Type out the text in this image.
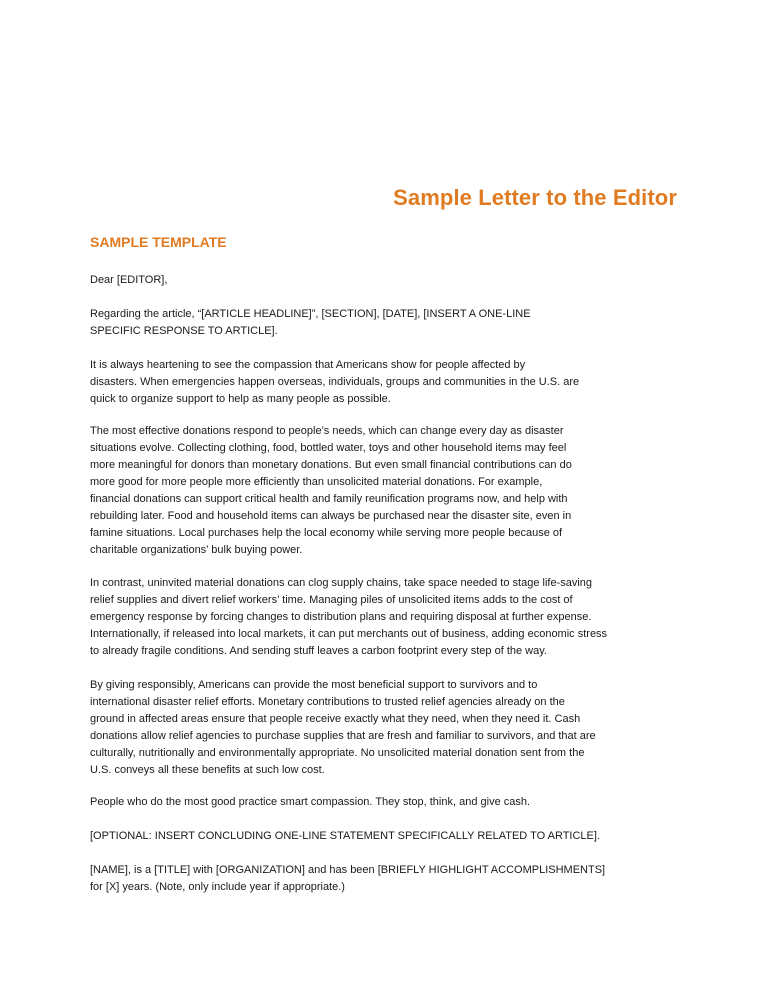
Sample Letter to the Editor
SAMPLE TEMPLATE
Dear [EDITOR],
Regarding the article, “[ARTICLE HEADLINE]”, [SECTION], [DATE], [INSERT A ONE-LINE
SPECIFIC RESPONSE TO ARTICLE].
It is always heartening to see the compassion that Americans show for people affected by
disasters. When emergencies happen overseas, individuals, groups and communities in the U.S. are
quick to organize support to help as many people as possible.
The most effective donations respond to people’s needs, which can change every day as disaster
situations evolve. Collecting clothing, food, bottled water, toys and other household items may feel
more meaningful for donors than monetary donations. But even small financial contributions can do
more good for more people more efficiently than unsolicited material donations. For example,
financial donations can support critical health and family reunification programs now, and help with
rebuilding later. Food and household items can always be purchased near the disaster site, even in
famine situations. Local purchases help the local economy while serving more people because of
charitable organizations’ bulk buying power.
In contrast, uninvited material donations can clog supply chains, take space needed to stage life-saving
relief supplies and divert relief workers’ time. Managing piles of unsolicited items adds to the cost of
emergency response by forcing changes to distribution plans and requiring disposal at further expense.
Internationally, if released into local markets, it can put merchants out of business, adding economic stress
to already fragile conditions. And sending stuff leaves a carbon footprint every step of the way.
By giving responsibly, Americans can provide the most beneficial support to survivors and to
international disaster relief efforts. Monetary contributions to trusted relief agencies already on the
ground in affected areas ensure that people receive exactly what they need, when they need it. Cash
donations allow relief agencies to purchase supplies that are fresh and familiar to survivors, and that are
culturally, nutritionally and environmentally appropriate. No unsolicited material donation sent from the
U.S. conveys all these benefits at such low cost.
People who do the most good practice smart compassion. They stop, think, and give cash.
[OPTIONAL: INSERT CONCLUDING ONE-LINE STATEMENT SPECIFICALLY RELATED TO ARTICLE].
[NAME], is a [TITLE] with [ORGANIZATION] and has been [BRIEFLY HIGHLIGHT ACCOMPLISHMENTS]
for [X] years. (Note, only include year if appropriate.)
